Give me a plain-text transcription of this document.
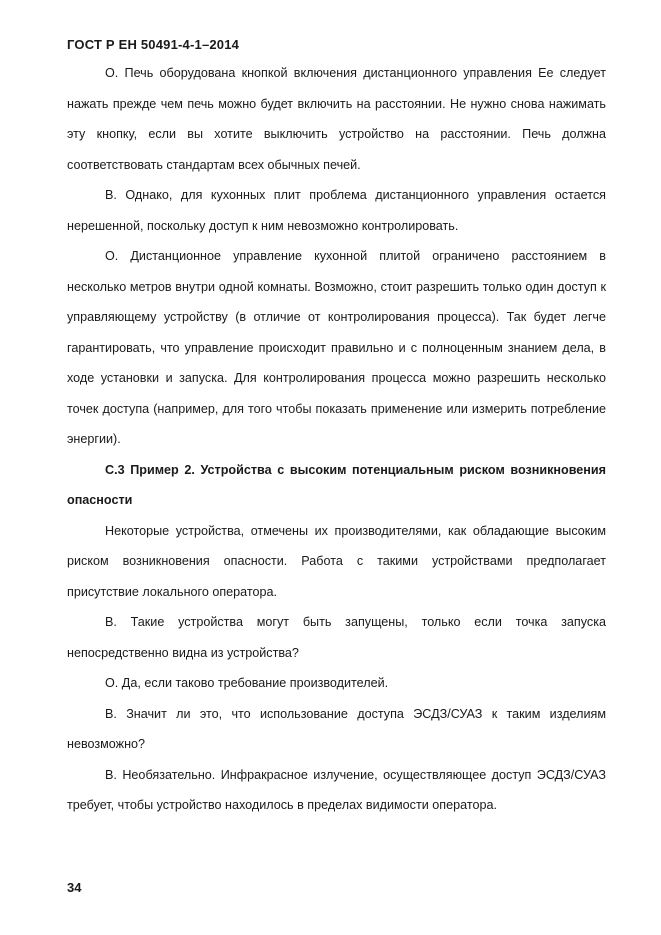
ГОСТ Р ЕН 50491-4-1–2014

О. Печь оборудована кнопкой включения дистанционного управления Ее следует нажать прежде чем печь можно будет включить на расстоянии. Не нужно снова нажимать эту кнопку, если вы хотите выключить устройство на расстоянии. Печь должна соответствовать стандартам всех обычных печей.

В. Однако, для кухонных плит проблема дистанционного управления остается нерешенной, поскольку доступ к ним невозможно контролировать.

О. Дистанционное управление кухонной плитой ограничено расстоянием в несколько метров внутри одной комнаты. Возможно, стоит разрешить только один доступ к управляющему устройству (в отличие от контролирования процесса). Так будет легче гарантировать, что управление происходит правильно и с полноценным знанием дела, в ходе установки и запуска. Для контролирования процесса можно разрешить несколько точек доступа (например, для того чтобы показать применение или измерить потребление энергии).

С.3 Пример 2. Устройства с высоким потенциальным риском возникновения опасности

Некоторые устройства, отмечены их производителями, как обладающие высоким риском возникновения опасности. Работа с такими устройствами предполагает присутствие локального оператора.

В. Такие устройства могут быть запущены, только если точка запуска непосредственно видна из устройства?

О. Да, если таково требование производителей.

В. Значит ли это, что использование доступа ЭСДЗ/СУАЗ к таким изделиям невозможно?

В. Необязательно. Инфракрасное излучение, осуществляющее доступ ЭСДЗ/СУАЗ требует, чтобы устройство находилось в пределах видимости оператора.

34
